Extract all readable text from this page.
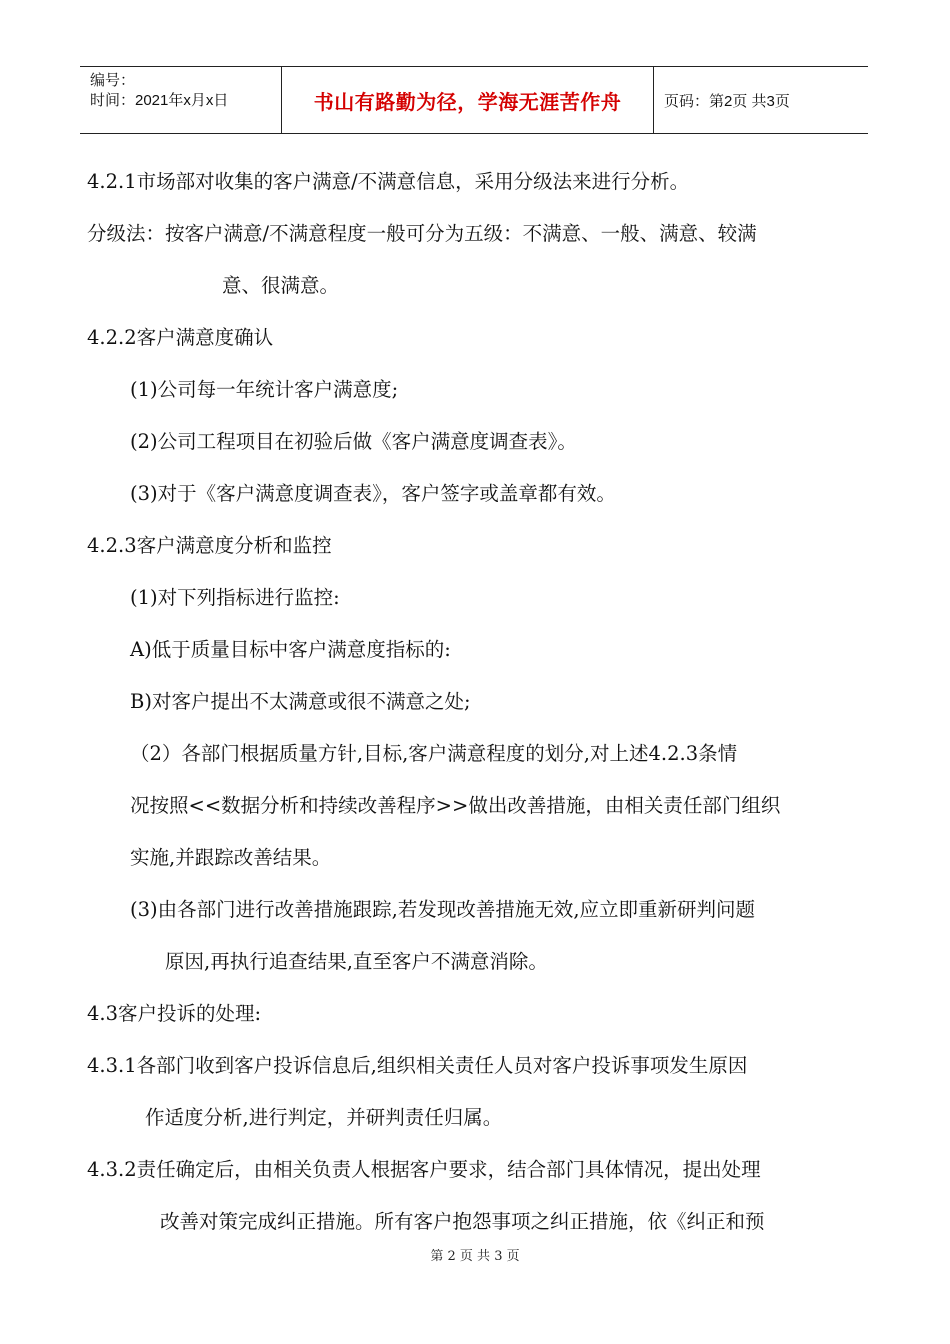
编号：
时间：2021年x月x日	书山有路勤为径，学海无涯苦作舟	页码：第2页 共3页
4.2.1市场部对收集的客户满意/不满意信息，采用分级法来进行分析。
分级法：按客户满意/不满意程度一般可分为五级：不满意、一般、满意、较满
意、很满意。
4.2.2客户满意度确认
(1)公司每一年统计客户满意度;
(2)公司工程项目在初验后做《客户满意度调查表》。
(3)对于《客户满意度调查表》，客户签字或盖章都有效。
4.2.3客户满意度分析和监控
(1)对下列指标进行监控:
A)低于质量目标中客户满意度指标的:
B)对客户提出不太满意或很不满意之处;
（2）各部门根据质量方针,目标,客户满意程度的划分,对上述4.2.3条情
况按照<<数据分析和持续改善程序>>做出改善措施，由相关责任部门组织
实施,并跟踪改善结果。
(3)由各部门进行改善措施跟踪,若发现改善措施无效,应立即重新研判问题
原因,再执行追查结果,直至客户不满意消除。
4.3客户投诉的处理:
4.3.1各部门收到客户投诉信息后,组织相关责任人员对客户投诉事项发生原因
作适度分析,进行判定，并研判责任归属。
4.3.2责任确定后，由相关负责人根据客户要求，结合部门具体情况，提出处理
改善对策完成纠正措施。所有客户抱怨事项之纠正措施，依《纠正和预
第 2 页 共 3 页
